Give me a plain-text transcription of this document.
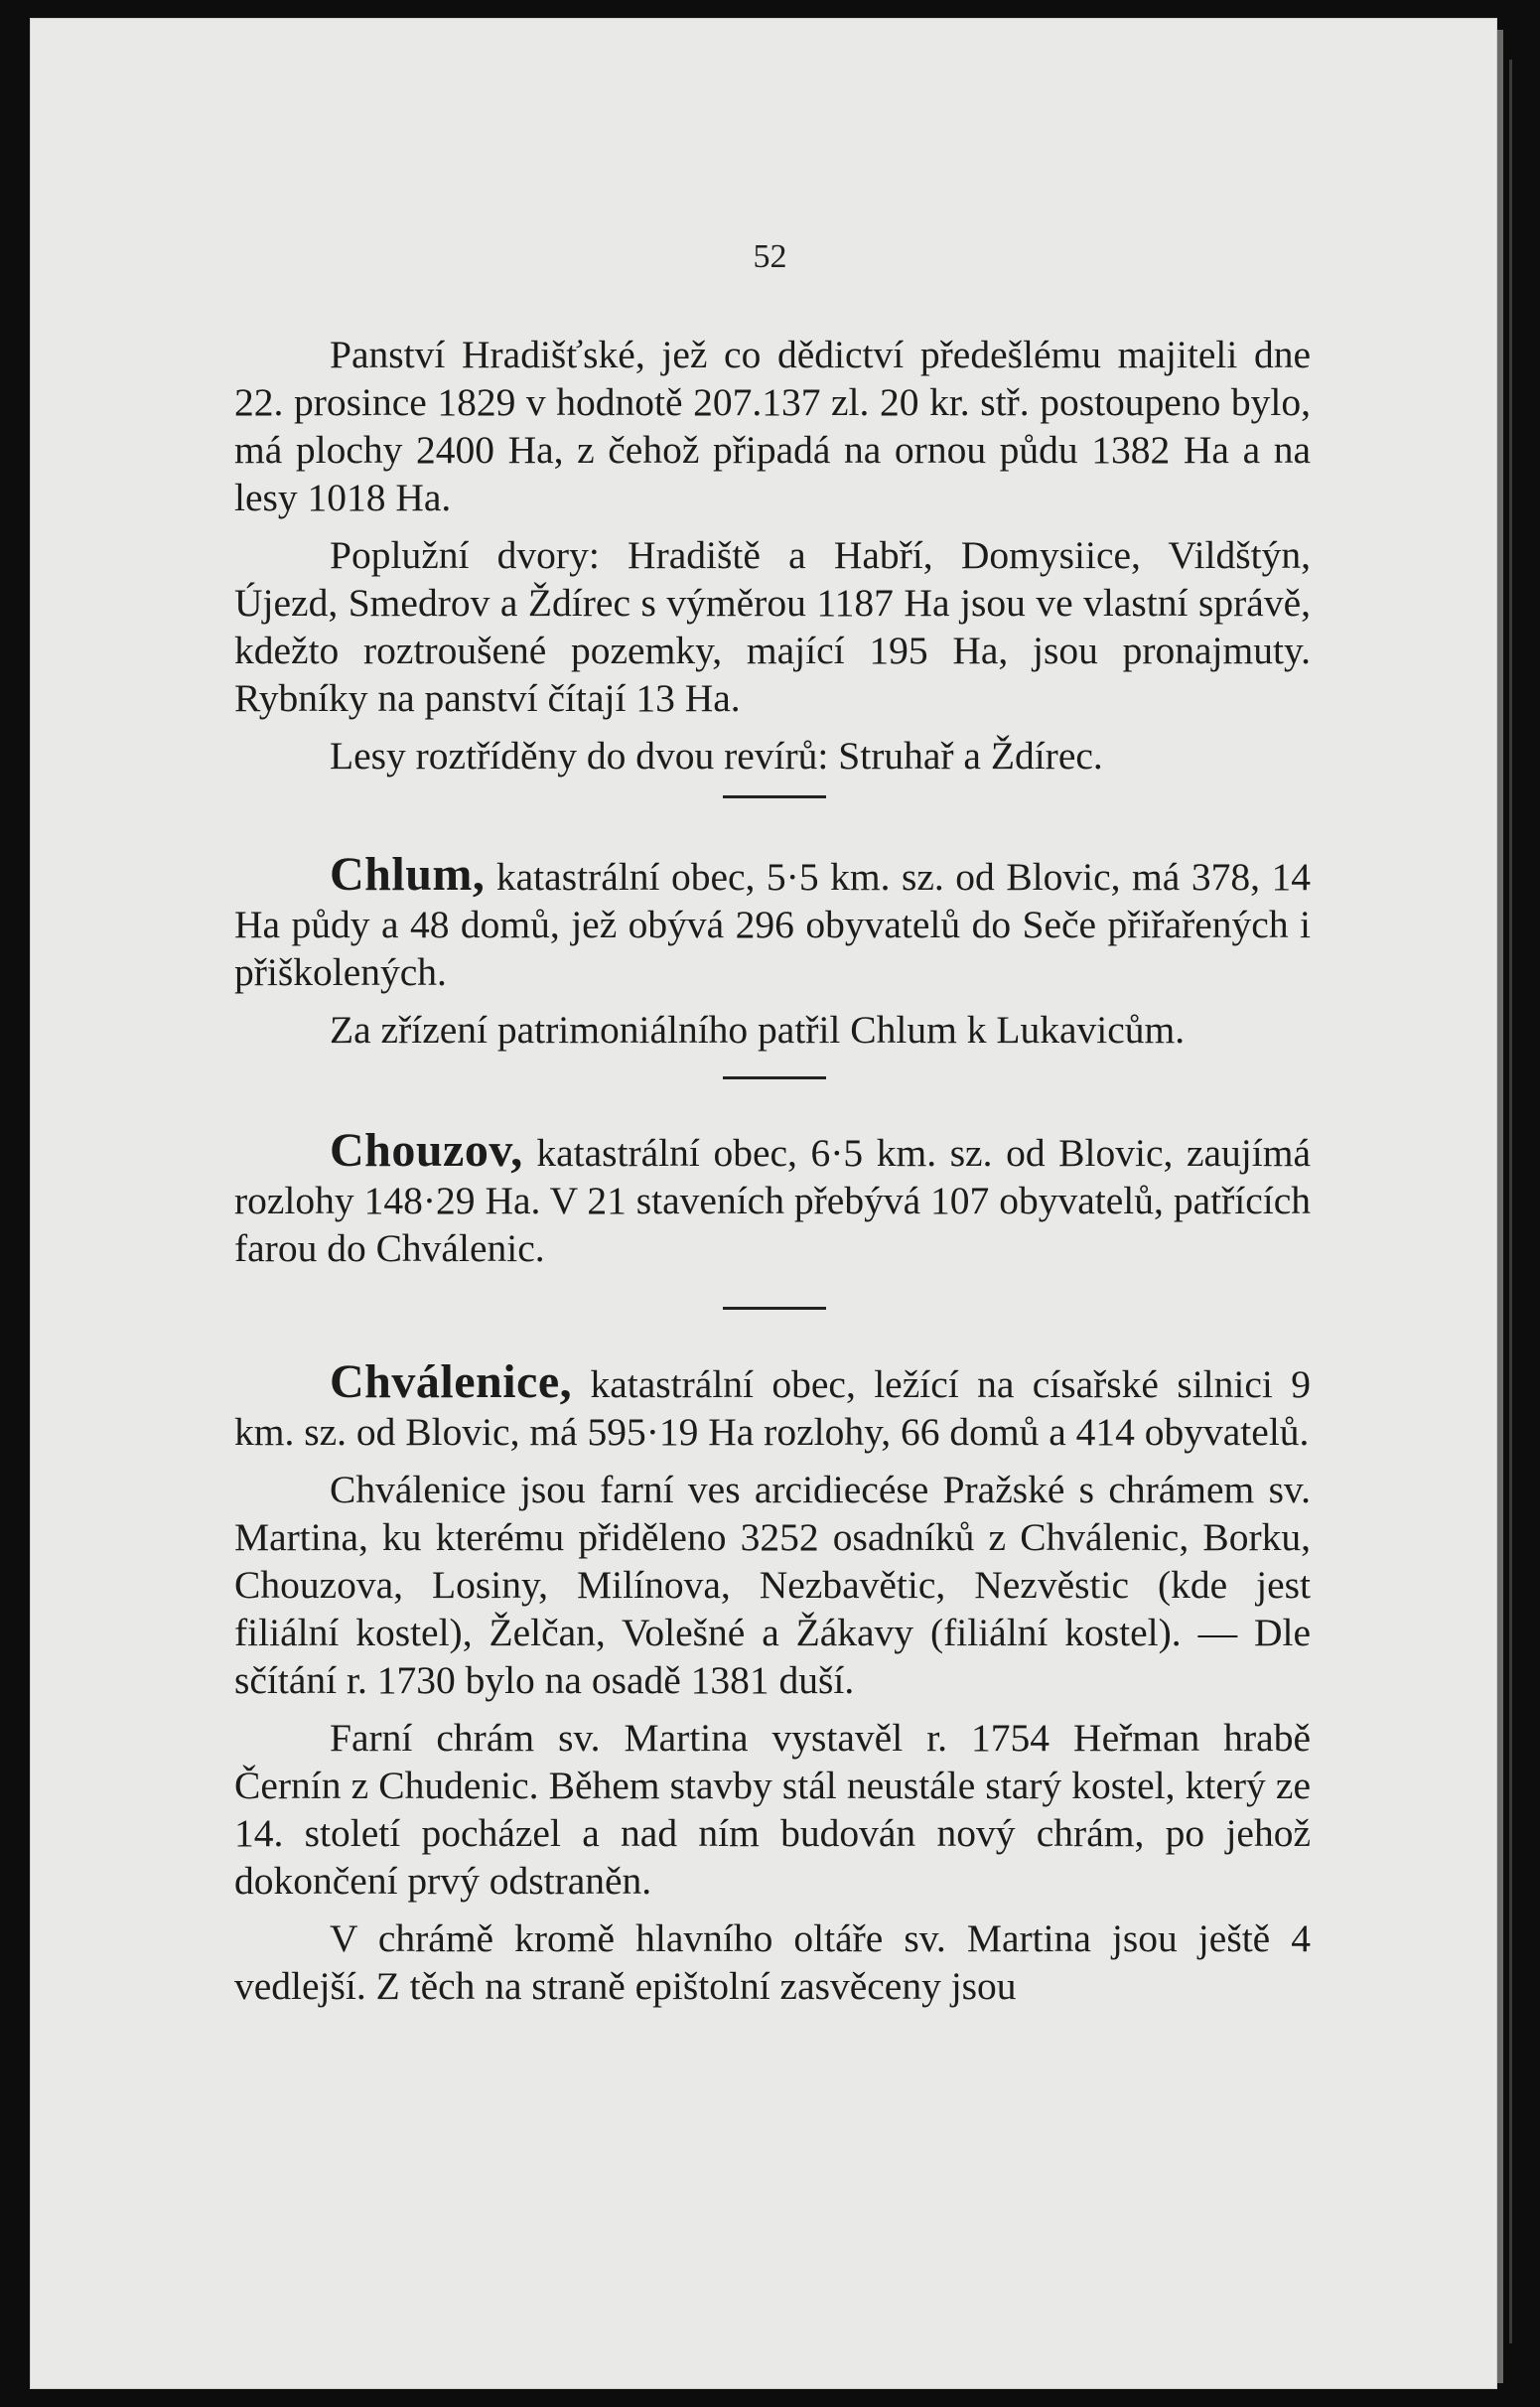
52

Panství Hradišťské, jež co dědictví předešlému majiteli dne 22. prosince 1829 v hodnotě 207.137 zl. 20 kr. stř. postoupeno bylo, má plochy 2400 Ha, z čehož připadá na ornou půdu 1382 Ha a na lesy 1018 Ha.

Poplužní dvory: Hradiště a Habří, Domysiice, Vildštýn, Újezd, Smedrov a Ždírec s výměrou 1187 Ha jsou ve vlastní správě, kdežto roztroušené pozemky, mající 195 Ha, jsou pronajmuty. Rybníky na panství čítají 13 Ha.

Lesy roztříděny do dvou revírů: Struhař a Ždírec.

Chlum, katastrální obec, 5·5 km. sz. od Blovic, má 378, 14 Ha půdy a 48 domů, jež obývá 296 obyvatelů do Seče přiřařených i přiškolených.

Za zřízení patrimoniálního patřil Chlum k Lukavicům.

Chouzov, katastrální obec, 6·5 km. sz. od Blovic, zaujímá rozlohy 148·29 Ha. V 21 staveních přebývá 107 obyvatelů, patřících farou do Chválenic.

Chválenice, katastrální obec, ležící na císařské silnici 9 km. sz. od Blovic, má 595·19 Ha rozlohy, 66 domů a 414 obyvatelů.

Chválenice jsou farní ves arcidiecése Pražské s chrámem sv. Martina, ku kterému přiděleno 3252 osadníků z Chválenic, Borku, Chouzova, Losiny, Milínova, Nezbavětic, Nezvěstic (kde jest filiální kostel), Želčan, Volešné a Žákavy (filiální kostel). — Dle sčítání r. 1730 bylo na osadě 1381 duší.

Farní chrám sv. Martina vystavěl r. 1754 Heřman hrabě Černín z Chudenic. Během stavby stál neustále starý kostel, který ze 14. století pocházel a nad ním budován nový chrám, po jehož dokončení prvý odstraněn.

V chrámě kromě hlavního oltáře sv. Martina jsou ještě 4 vedlejší. Z těch na straně epištolní zasvěceny jsou
